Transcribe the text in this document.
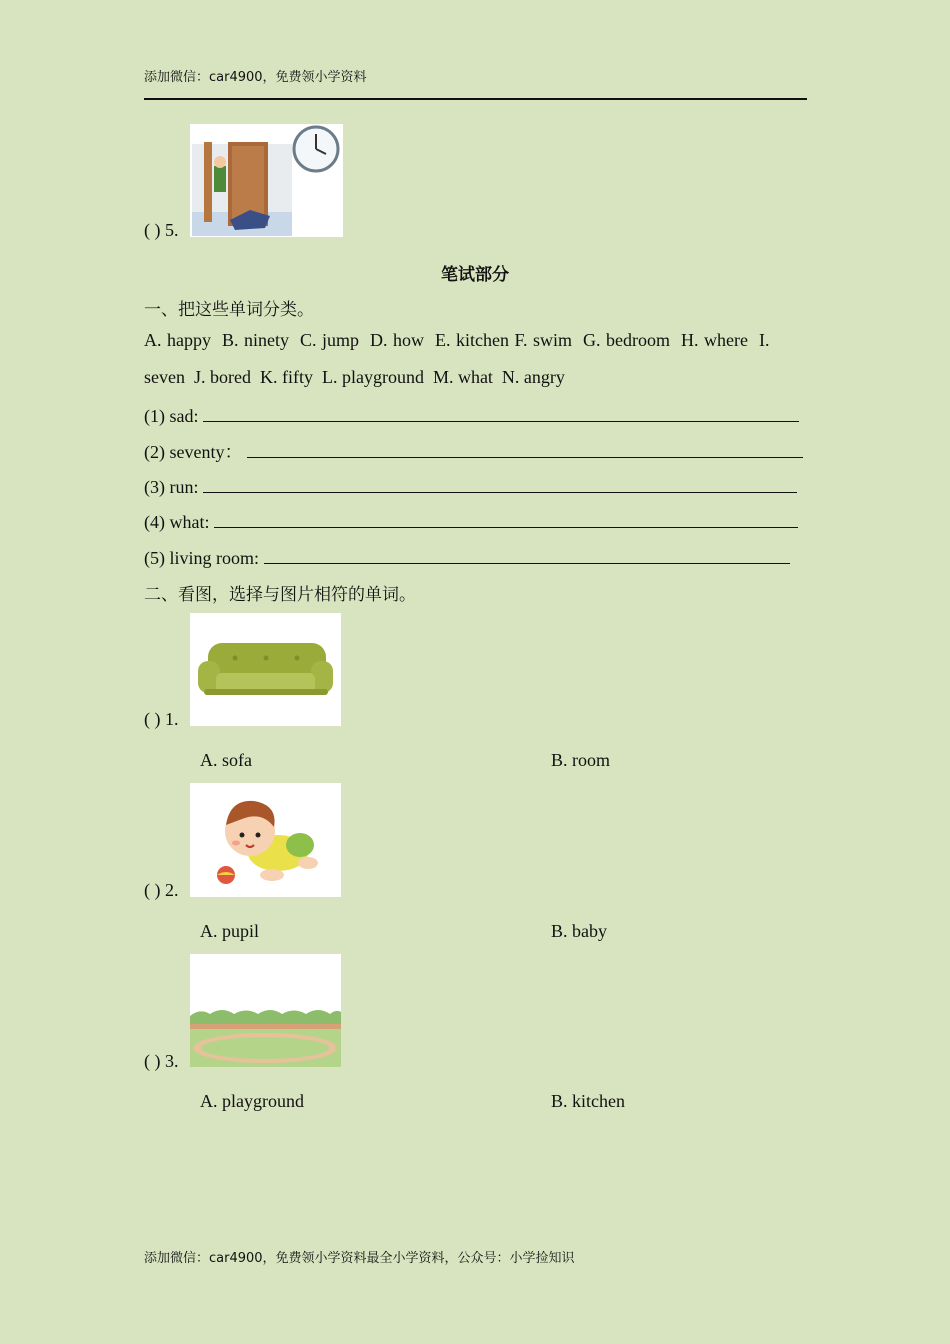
添加微信：car4900，免费领小学资料
( ) 5.
笔试部分
一、把这些单词分类。
A. happy  B. ninety  C. jump  D. how  E. kitchen F. swim  G. bedroom  H. where  I.
seven  J. bored  K. fifty  L. playground  M. what  N. angry
(1) sad:
(2) seventy：
(3) run:
(4) what:
(5) living room:
二、看图，选择与图片相符的单词。
( ) 1.
A. sofa	B. room
( ) 2.
A. pupil	B. baby
( ) 3.
A. playground	B. kitchen
添加微信：car4900，免费领小学资料最全小学资料，公众号：小学捡知识
